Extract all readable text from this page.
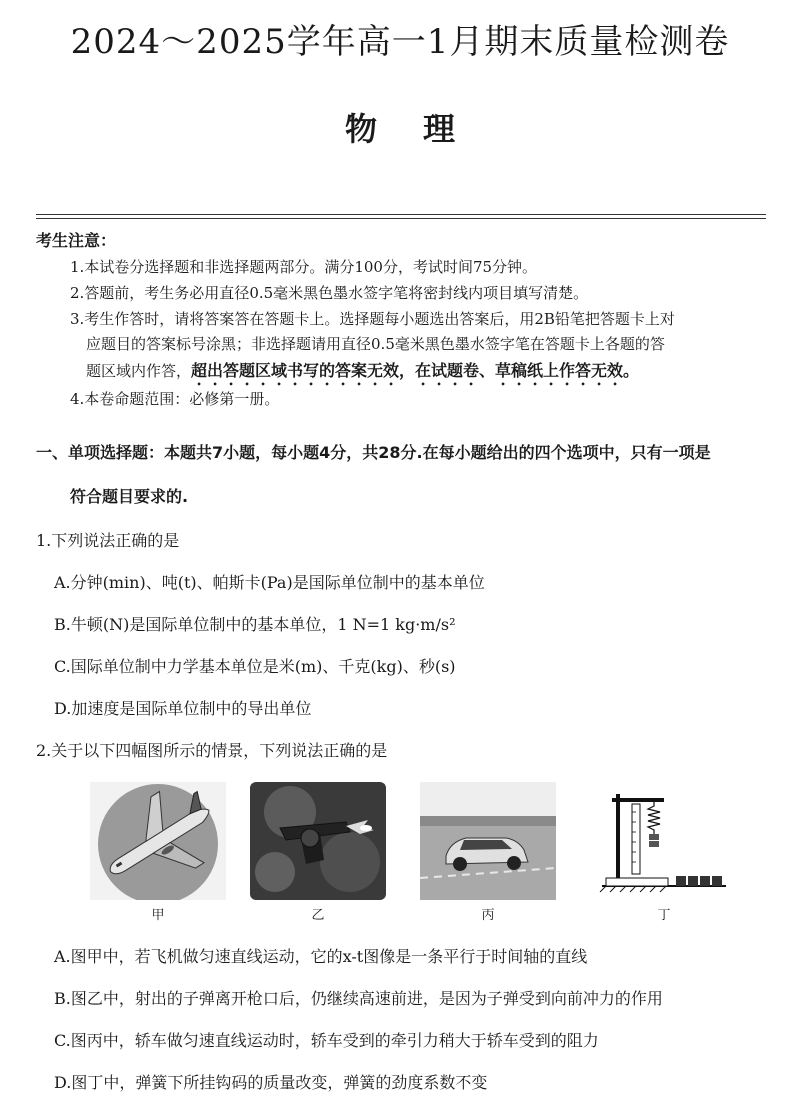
2024～2025学年高一1月期末质量检测卷
物理
考生注意：
1.本试卷分选择题和非选择题两部分。满分100分，考试时间75分钟。
2.答题前，考生务必用直径0.5毫米黑色墨水签字笔将密封线内项目填写清楚。
3.考生作答时，请将答案答在答题卡上。选择题每小题选出答案后，用2B铅笔把答题卡上对
应题目的答案标号涂黑；非选择题请用直径0.5毫米黑色墨水签字笔在答题卡上各题的答
题区域内作答，超出答题区域书写的答案无效，在试题卷、草稿纸上作答无效。
4.本卷命题范围：必修第一册。
一、单项选择题：本题共7小题，每小题4分，共28分.在每小题给出的四个选项中，只有一项是
符合题目要求的.
1.下列说法正确的是
A.分钟(min)、吨(t)、帕斯卡(Pa)是国际单位制中的基本单位
B.牛顿(N)是国际单位制中的基本单位，1 N=1 kg·m/s²
C.国际单位制中力学基本单位是米(m)、千克(kg)、秒(s)
D.加速度是国际单位制中的导出单位
2.关于以下四幅图所示的情景，下列说法正确的是
甲	乙	丙	丁
A.图甲中，若飞机做匀速直线运动，它的x-t图像是一条平行于时间轴的直线
B.图乙中，射出的子弹离开枪口后，仍继续高速前进，是因为子弹受到向前冲力的作用
C.图丙中，轿车做匀速直线运动时，轿车受到的牵引力稍大于轿车受到的阻力
D.图丁中，弹簧下所挂钩码的质量改变，弹簧的劲度系数不变
